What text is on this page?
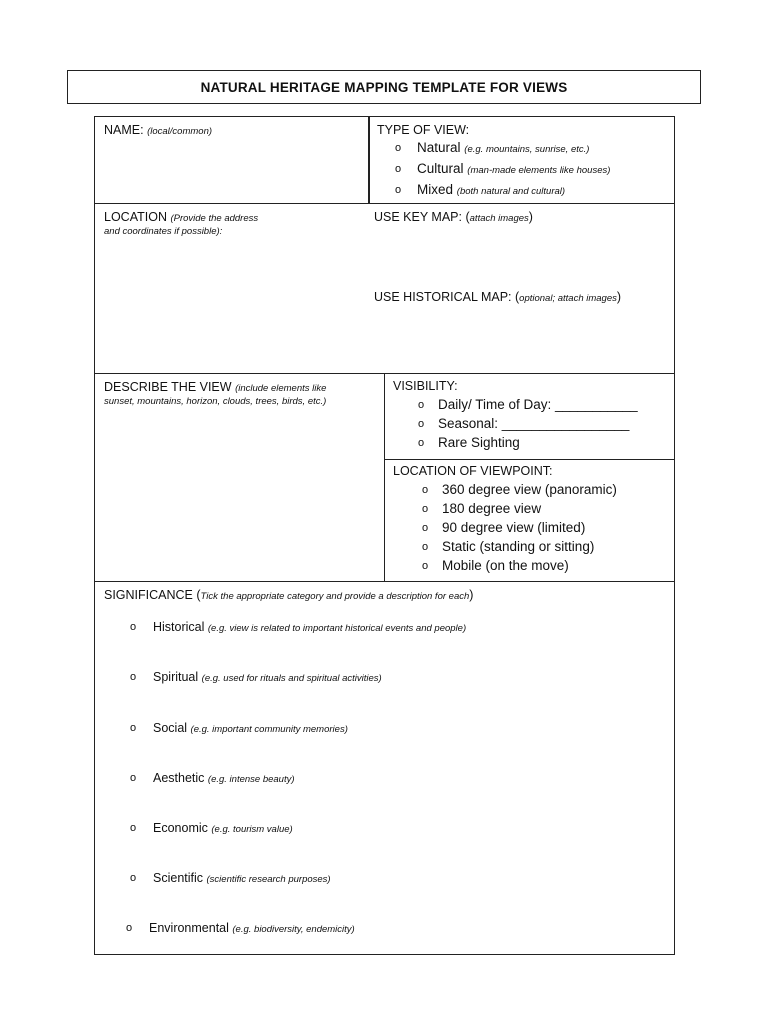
NATURAL HERITAGE MAPPING TEMPLATE FOR VIEWS
NAME: (local/common)	TYPE OF VIEW:
o Natural (e.g. mountains, sunrise, etc.)
o Cultural (man-made elements like houses)
o Mixed (both natural and cultural)
LOCATION (Provide the address
and coordinates if possible):
USE KEY MAP: (attach images)
USE HISTORICAL MAP: (optional; attach images)
DESCRIBE THE VIEW (include elements like
sunset, mountains, horizon, clouds, trees, birds, etc.)
VISIBILITY:
o Daily/ Time of Day: ___________
o Seasonal: _________________
o Rare Sighting
LOCATION OF VIEWPOINT:
o 360 degree view (panoramic)
o 180 degree view
o 90 degree view (limited)
o Static (standing or sitting)
o Mobile (on the move)
SIGNIFICANCE (Tick the appropriate category and provide a description for each)
o Historical (e.g. view is related to important historical events and people)
o Spiritual (e.g. used for rituals and spiritual activities)
o Social (e.g. important community memories)
o Aesthetic (e.g. intense beauty)
o Economic (e.g. tourism value)
o Scientific (scientific research purposes)
o Environmental (e.g. biodiversity, endemicity)
